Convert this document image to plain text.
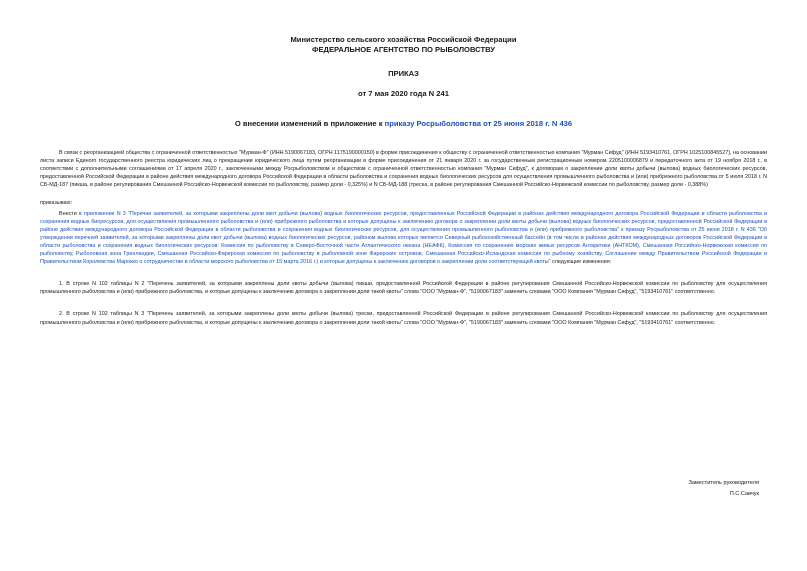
Министерство сельского хозяйства Российской Федерации
ФЕДЕРАЛЬНОЕ АГЕНТСТВО ПО РЫБОЛОВСТВУ
ПРИКАЗ
от 7 мая 2020 года N 241
О внесении изменений в приложение к приказу Росрыболовства от 25 июня 2018 г. N 436

В связи с реорганизацией общества с ограниченной ответственностью "Мурман-Ф" (ИНН 5190067183, ОГРН 1175190000150) в форме присоединения к обществу с ограниченной ответственностью компания "Мурман Сифуд" (ИНН 5193410761, ОГРН 1025100845527), на основании листа записи Единого государственного реестра юридических лиц о прекращении юридического лица путем реорганизации в форме присоединения от 21 января 2020 г. за государственным регистрационным номером 2205100006879 и передаточного акта от 19 ноября 2018 г., в соответствии с дополнительными соглашениями от 17 апреля 2020 г., заключенными между Росрыболовством и обществом с ограниченной ответственностью компания "Мурман Сифуд", к договорам о закреплении доли квоты добычи (вылова) водных биологических ресурсов, предоставленной Российской Федерации в районе действия международного договора Российской Федерации в области рыболовства и сохранения водных биологических ресурсов для осуществления промышленного рыболовства и (или) прибрежного рыболовства от 5 июля 2018 г. N СБ-МД-187 (пикша, в районе регулирования Смешанной Российско-Норвежской комиссии по рыболовству, размер доли - 0,325%) и N СБ-МД-188 (треска, в районе регулирования Смешанной Российско-Норвежской комиссии по рыболовству, размер доли - 0,388%)

приказываю:

Внести в приложение N 3 "Перечни заявителей, за которыми закреплены доли квот добычи (вылова) водных биологических ресурсов, предоставленных Российской Федерации в районах действия международного договора Российской Федерации в области рыболовства и сохранения водных биоресурсов, для осуществления промышленного рыболовства и (или) прибрежного рыболовства и которые допущены к заключению договора о закреплении доли квоты добычи (вылова) водных биологических ресурсов, предоставленной Российской Федерации в районе действия международного договора Российской Федерации в области рыболовства и сохранения водных биологических ресурсов, для осуществления промышленного рыболовства и (или) прибрежного рыболовства" к приказу Росрыболовства от 25 июня 2018 г. N 436 "Об утверждении перечней заявителей, за которыми закреплены доли квот добычи (вылова) водных биологических ресурсов, районом вылова которых является Северный рыбохозяйственный бассейн (в том числе в районах действия международных договоров Российской Федерации в области рыболовства и сохранения водных биологических ресурсов: Комиссия по рыболовству в Северо-Восточной части Атлантического океана (НЕАФК), Комиссия по сохранению морских живых ресурсов Антарктики (АНТКОМ), Смешанная Российско-Норвежская комиссия по рыболовству, Рыболовная зона Гренландии, Смешанная Российско-Фарерская комиссия по рыболовству в рыболовной зоне Фарерских островов, Смешанная Российско-Исландская комиссия по рыбному хозяйству, Соглашение между Правительством Российской Федерации и Правительством Королевства Марокко о сотрудничестве в области морского рыболовства от 15 марта 2016 г.) и которые допущены к заключению договоров о закреплении доли соответствующей квоты" следующие изменения:

1. В строке N 102 таблицы N 2 "Перечень заявителей, за которыми закреплены доли квоты добычи (вылова) пикши, предоставленной Российской Федерации в районе регулирования Смешанной Российско-Норвежской комиссии по рыболовству для осуществления промышленного рыболовства и (или) прибрежного рыболовства, и которые допущены к заключению договора о закреплении доли такой квоты" слова "ООО "Мурман-Ф", "5190067183" заменить словами "ООО Компания "Мурман Сифуд", "5193410761" соответственно.

2. В строке N 102 таблицы N 3 "Перечень заявителей, за которыми закреплены доли квоты добычи (вылова) трески, предоставленной Российской Федерации в районе регулирования Смешанной Российско-Норвежской комиссии по рыболовству для осуществления промышленного рыболовства и (или) прибрежного рыболовства, и которые допущены к заключению договора о закреплении доли такой квоты" слова "ООО "Мурман-Ф", "5190067183" заменить словами "ООО Компания "Мурман Сифуд", "5193410761" соответственно.

Заместитель руководителя
П.С.Савчук
